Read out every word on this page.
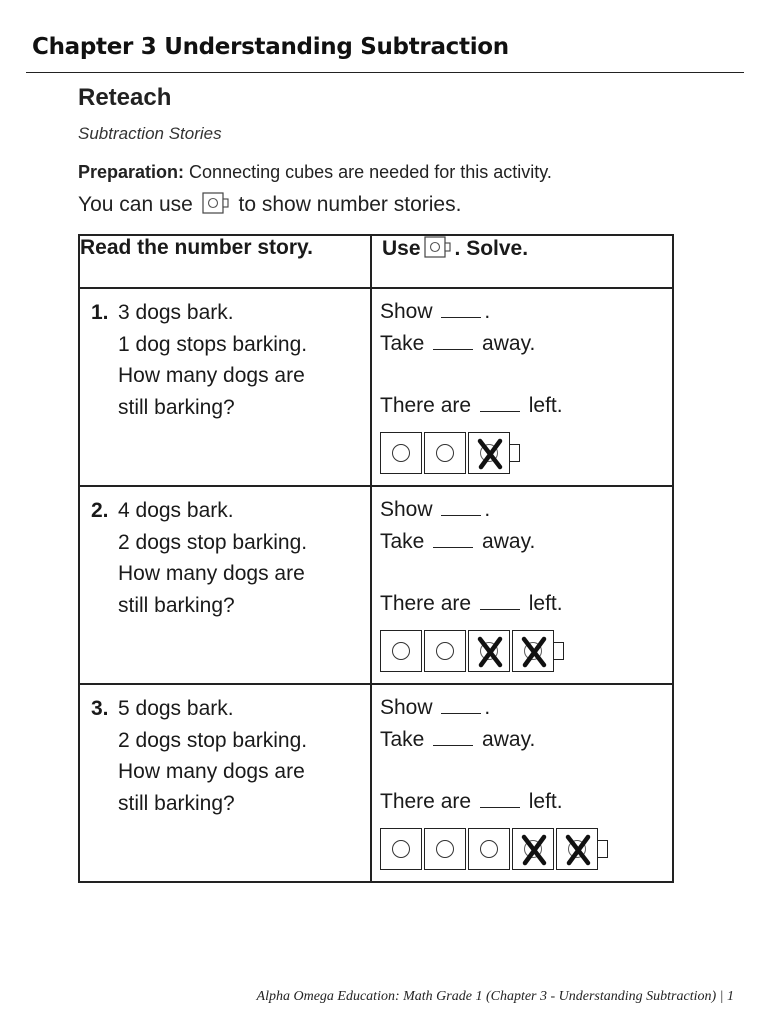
Chapter 3 Understanding Subtraction
Reteach
Subtraction Stories
Preparation: Connecting cubes are needed for this activity.
You can use to show number stories.
Read the number story.	Use . Solve.

1. 3 dogs bark.
1 dog stops barking.
How many dogs are
still barking?	Show .
Take away.
There are left.

2. 4 dogs bark.
2 dogs stop barking.
How many dogs are
still barking?	Show .
Take away.
There are left.

3. 5 dogs bark.
2 dogs stop barking.
How many dogs are
still barking?	Show .
Take away.
There are left.
Alpha Omega Education: Math Grade 1 (Chapter 3 - Understanding Subtraction) | 1
